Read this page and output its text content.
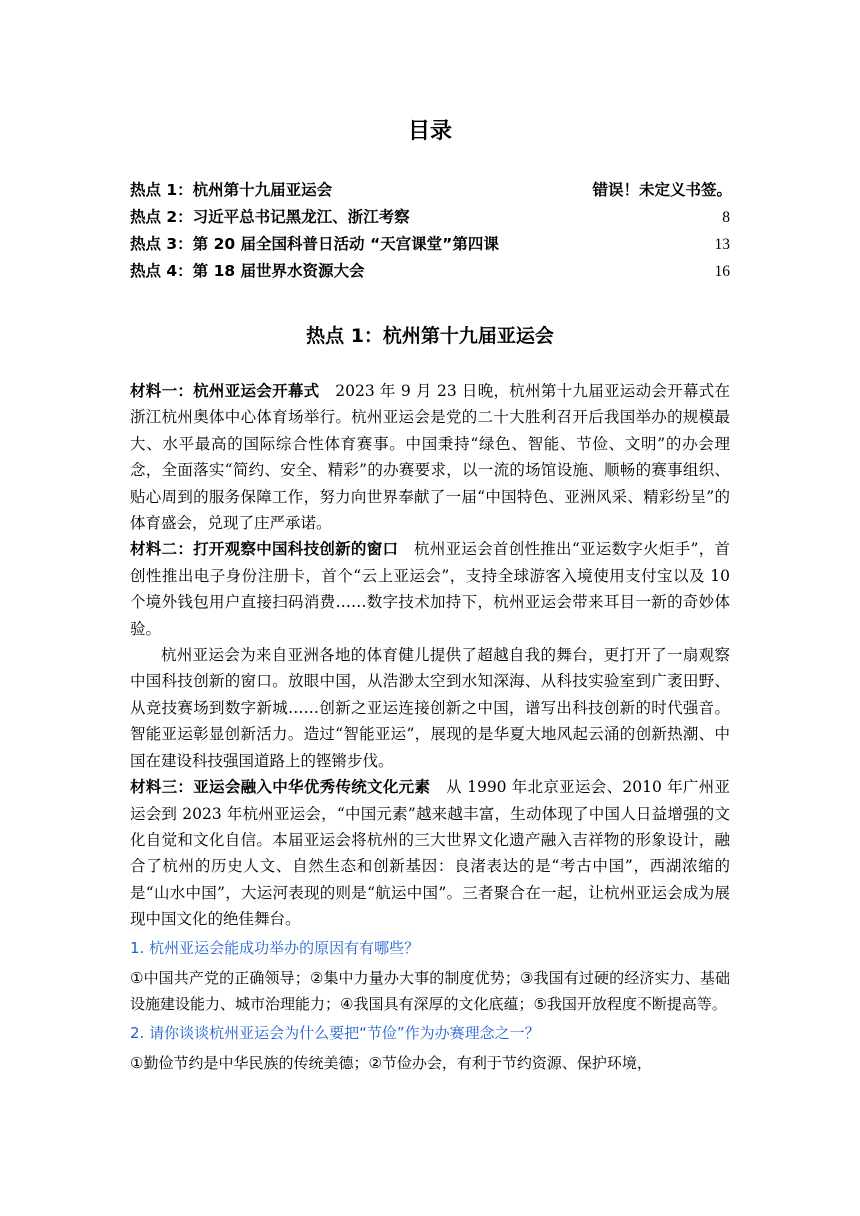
目录
热点 1：杭州第十九届亚运会	错误！未定义书签。
热点 2：习近平总书记黑龙江、浙江考察	8
热点 3：第 20 届全国科普日活动 “天宫课堂”第四课	13
热点 4：第 18 届世界水资源大会	16
热点 1：杭州第十九届亚运会

材料一：杭州亚运会开幕式　2023 年 9 月 23 日晚，杭州第十九届亚运动会开幕式在浙江杭州奥体中心体育场举行。杭州亚运会是党的二十大胜利召开后我国举办的规模最大、水平最高的国际综合性体育赛事。中国秉持“绿色、智能、节俭、文明”的办会理念，全面落实“简约、安全、精彩”的办赛要求，以一流的场馆设施、顺畅的赛事组织、贴心周到的服务保障工作，努力向世界奉献了一届“中国特色、亚洲风采、精彩纷呈”的体育盛会，兑现了庄严承诺。

材料二：打开观察中国科技创新的窗口　杭州亚运会首创性推出“亚运数字火炬手”，首创性推出电子身份注册卡，首个“云上亚运会”，支持全球游客入境使用支付宝以及 10 个境外钱包用户直接扫码消费……数字技术加持下，杭州亚运会带来耳目一新的奇妙体验。

杭州亚运会为来自亚洲各地的体育健儿提供了超越自我的舞台，更打开了一扇观察中国科技创新的窗口。放眼中国，从浩渺太空到水知深海、从科技实验室到广袤田野、从竞技赛场到数字新城……创新之亚运连接创新之中国，谱写出科技创新的时代强音。智能亚运彰显创新活力。造过“智能亚运”，展现的是华夏大地风起云涌的创新热潮、中国在建设科技强国道路上的铿锵步伐。

材料三：亚运会融入中华优秀传统文化元素　从 1990 年北京亚运会、2010 年广州亚运会到 2023 年杭州亚运会，“中国元素”越来越丰富，生动体现了中国人日益增强的文化自觉和文化自信。本届亚运会将杭州的三大世界文化遗产融入吉祥物的形象设计，融合了杭州的历史人文、自然生态和创新基因：良渚表达的是“考古中国”，西湖浓缩的是“山水中国”，大运河表现的则是“航运中国”。三者聚合在一起，让杭州亚运会成为展现中国文化的绝佳舞台。

1. 杭州亚运会能成功举办的原因有有哪些？

①中国共产党的正确领导；②集中力量办大事的制度优势；③我国有过硬的经济实力、基础设施建设能力、城市治理能力；④我国具有深厚的文化底蕴；⑤我国开放程度不断提高等。

2. 请你谈谈杭州亚运会为什么要把“节俭”作为办赛理念之一？

①勤俭节约是中华民族的传统美德；②节俭办会，有利于节约资源、保护环境，
